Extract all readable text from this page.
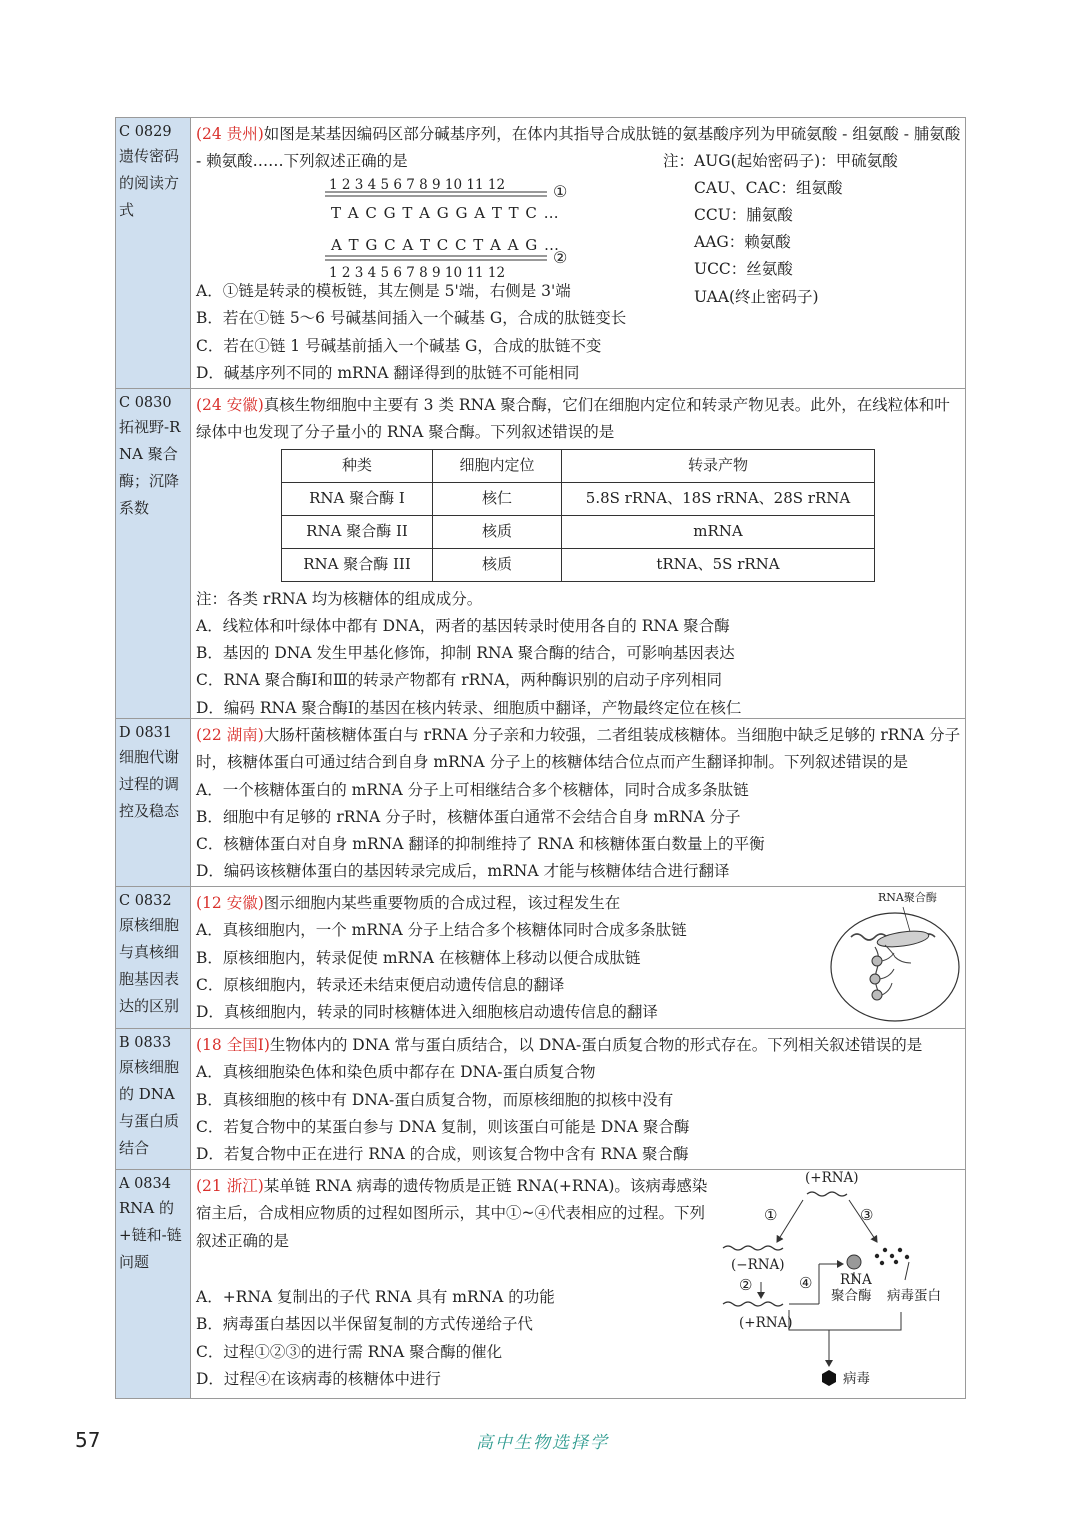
C 0829
遗传密码的阅读方式
(24 贵州)如图是某基因编码区部分碱基序列，在体内其指导合成肽链的氨基酸序列为甲硫氨酸 - 组氨酸 - 脯氨酸 - 赖氨酸……下列叙述正确的是
1 2 3 4 5 6 7 8 9 10 11 12
T A C G T A G G A T T C …
①
A T G C A T C C T A A G …
②
1 2 3 4 5 6 7 8 9 10 11 12
注：AUG(起始密码子)：甲硫氨酸
CAU、CAC：组氨酸
CCU：脯氨酸
AAG：赖氨酸
UCC：丝氨酸
UAA(终止密码子)
A．①链是转录的模板链，其左侧是 5'端，右侧是 3'端
B．若在①链 5～6 号碱基间插入一个碱基 G，合成的肽链变长
C．若在①链 1 号碱基前插入一个碱基 G，合成的肽链不变
D．碱基序列不同的 mRNA 翻译得到的肽链不可能相同
C 0830
拓视野-RNA 聚合酶；沉降系数
(24 安徽)真核生物细胞中主要有 3 类 RNA 聚合酶，它们在细胞内定位和转录产物见表。此外，在线粒体和叶绿体中也发现了分子量小的 RNA 聚合酶。下列叙述错误的是
种类	细胞内定位	转录产物
RNA 聚合酶 I	核仁	5.8S rRNA、18S rRNA、28S rRNA
RNA 聚合酶 II	核质	mRNA
RNA 聚合酶 III	核质	tRNA、5S rRNA
注：各类 rRNA 均为核糖体的组成成分。
A．线粒体和叶绿体中都有 DNA，两者的基因转录时使用各自的 RNA 聚合酶
B．基因的 DNA 发生甲基化修饰，抑制 RNA 聚合酶的结合，可影响基因表达
C．RNA 聚合酶Ⅰ和Ⅲ的转录产物都有 rRNA，两种酶识别的启动子序列相同
D．编码 RNA 聚合酶Ⅰ的基因在核内转录、细胞质中翻译，产物最终定位在核仁
D 0831
细胞代谢过程的调控及稳态
(22 湖南)大肠杆菌核糖体蛋白与 rRNA 分子亲和力较强，二者组装成核糖体。当细胞中缺乏足够的 rRNA 分子时，核糖体蛋白可通过结合到自身 mRNA 分子上的核糖体结合位点而产生翻译抑制。下列叙述错误的是
A．一个核糖体蛋白的 mRNA 分子上可相继结合多个核糖体，同时合成多条肽链
B．细胞中有足够的 rRNA 分子时，核糖体蛋白通常不会结合自身 mRNA 分子
C．核糖体蛋白对自身 mRNA 翻译的抑制维持了 RNA 和核糖体蛋白数量上的平衡
D．编码该核糖体蛋白的基因转录完成后，mRNA 才能与核糖体结合进行翻译
C 0832
原核细胞与真核细胞基因表达的区别
(12 安徽)图示细胞内某些重要物质的合成过程，该过程发生在
A．真核细胞内，一个 mRNA 分子上结合多个核糖体同时合成多条肽链
B．原核细胞内，转录促使 mRNA 在核糖体上移动以便合成肽链
C．原核细胞内，转录还未结束便启动遗传信息的翻译
D．真核细胞内，转录的同时核糖体进入细胞核启动遗传信息的翻译
RNA聚合酶
B 0833
原核细胞的 DNA 与蛋白质结合
(18 全国I)生物体内的 DNA 常与蛋白质结合，以 DNA-蛋白质复合物的形式存在。下列相关叙述错误的是
A．真核细胞染色体和染色质中都存在 DNA-蛋白质复合物
B．真核细胞的核中有 DNA-蛋白质复合物，而原核细胞的拟核中没有
C．若复合物中的某蛋白参与 DNA 复制，则该蛋白可能是 DNA 聚合酶
D．若复合物中正在进行 RNA 的合成，则该复合物中含有 RNA 聚合酶
A 0834
RNA 的+链和-链问题
(21 浙江)某单链 RNA 病毒的遗传物质是正链 RNA(+RNA)。该病毒感染宿主后，合成相应物质的过程如图所示，其中①~④代表相应的过程。下列叙述正确的是
A．+RNA 复制出的子代 RNA 具有 mRNA 的功能
B．病毒蛋白基因以半保留复制的方式传递给子代
C．过程①②③的进行需 RNA 聚合酶的催化
D．过程④在该病毒的核糖体中进行
(+RNA)
①	③
(−RNA)
②	④
(+RNA)
RNA
聚合酶 病毒蛋白
病毒
57	高中生物选择学
